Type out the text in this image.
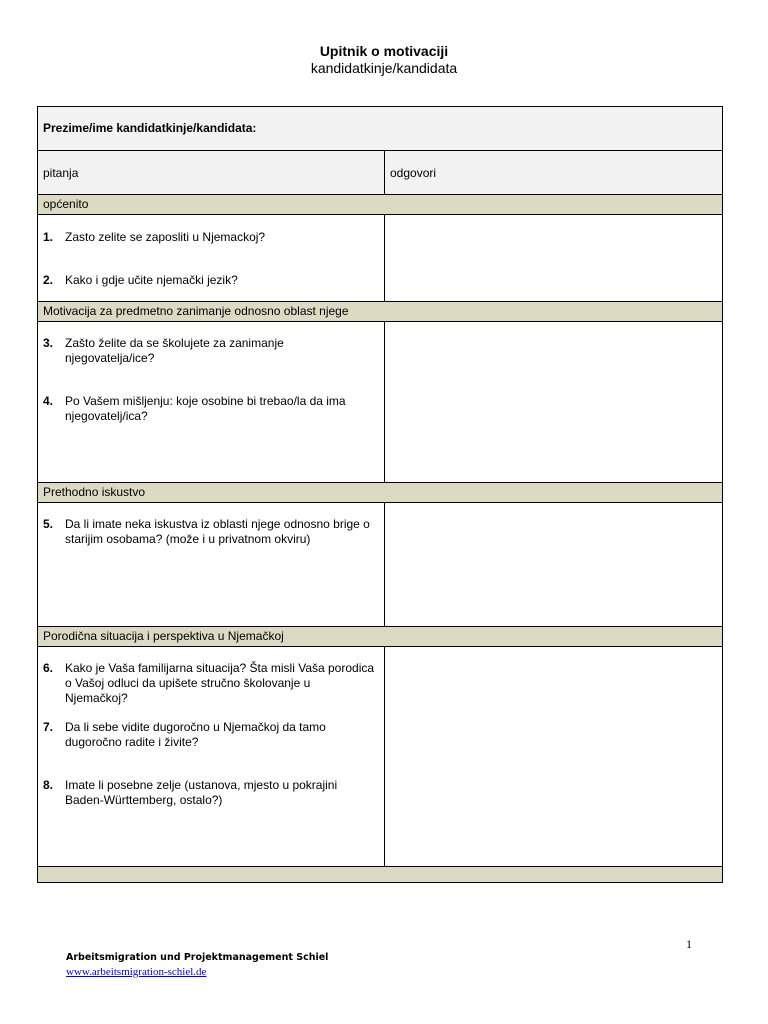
Upitnik o motivaciji
kandidatkinje/kandidata
Prezime/ime kandidatkinje/kandidata:
pitanja	odgovori
općenito
1. Zasto zelite se zaposliti u Njemackoj?
2. Kako i gdje učite njemački jezik?
Motivacija za predmetno zanimanje odnosno oblast njege
3. Zašto želite da se školujete za zanimanje njegovatelja/ice?
4. Po Vašem mišljenju: koje osobine bi trebao/la da ima njegovatelj/ica?
Prethodno iskustvo
5. Da li imate neka iskustva iz oblasti njege odnosno brige o starijim osobama? (može i u privatnom okviru)
Porodična situacija i perspektiva u Njemačkoj
6. Kako je Vaša familijarna situacija? Šta misli Vaša porodica o Vašoj odluci da upišete stručno školovanje u Njemačkoj?
7. Da li sebe vidite dugoročno u Njemačkoj da tamo dugoročno radite i živite?
8. Imate li posebne zelje (ustanova, mjesto u pokrajini Baden-Württemberg, ostalo?)
1
Arbeitsmigration und Projektmanagement Schiel
www.arbeitsmigration-schiel.de
